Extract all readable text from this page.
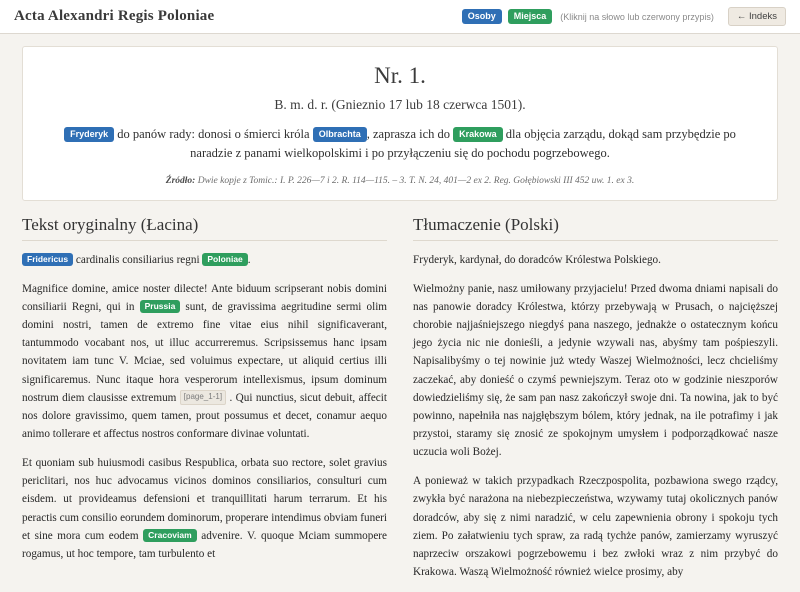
Acta Alexandri Regis Poloniae	Osoby	Miejsca	(Kliknij na słowo lub czerwony przypis)	← Indeks
Nr. 1.
B. m. d. r. (Gnieznio 17 lub 18 czerwca 1501).
Fryderyk do panów rady: donosi o śmierci króla Olbrachta , zaprasza ich do Krakowa dla objęcia zarządu, dokąd sam przybędzie po naradzie z panami wielkopolskimi i po przyłączeniu się do pochodu pogrzebowego.
Źródło: Dwie kopje z Tomic.: I. P. 226—7 i 2. R. 114—115. – 3. T. N. 24, 401—2 ex 2. Reg. Gołębiowski III 452 uw. 1. ex 3.
Tekst oryginalny (Łacina)

Fridericus cardinalis consiliarius regni Poloniae .

Magnifice domine, amice noster dilecte! Ante biduum scripserant nobis domini consiliarii Regni, qui in Prussia sunt, de gravissima aegritudine sermi olim domini nostri, tamen de extremo fine vitae eius nihil significaverant, tantummodo vocabant nos, ut illuc accurreremus. Scripsissemus hanc ipsam novitatem iam tunc V. Mciae, sed voluimus expectare, ut aliquid certius illi significaremus. Nunc itaque hora vesperorum intellexismus, ipsum dominum nostrum diem clausisse extremum [page_1-1] . Qui nunctius, sicut debuit, affecit nos dolore gravissimo, quem tamen, prout possumus et decet, conamur aequo animo tollerare et affectus nostros conformare divinae voluntati.

Et quoniam sub huiusmodi casibus Respublica, orbata suo rectore, solet gravius periclitari, nos huc advocamus vicinos dominos consiliarios, consulturi cum eisdem. ut provideamus defensioni et tranquillitati harum terrarum. Et his peractis cum consilio eorundem dominorum, properare intendimus obviam funeri et sine mora cum eodem Cracoviam advenire. V. quoque Mciam summopere rogamus, ut hoc tempore, tam turbulento et

Tłumaczenie (Polski)

Fryderyk, kardynał, do doradców Królestwa Polskiego.

Wielmożny panie, nasz umiłowany przyjacielu! Przed dwoma dniami napisali do nas panowie doradcy Królestwa, którzy przebywają w Prusach, o najcięższej chorobie najjaśniejszego niegdyś pana naszego, jednakże o ostatecznym końcu jego życia nic nie donieśli, a jedynie wzywali nas, abyśmy tam pośpieszyli. Napisalibyśmy o tej nowinie już wtedy Waszej Wielmożności, lecz chcieliśmy zaczekać, aby donieść o czymś pewniejszym. Teraz oto w godzinie nieszporów dowiedzieliśmy się, że sam pan nasz zakończył swoje dni. Ta nowina, jak to być powinno, napełniła nas najgłębszym bólem, który jednak, na ile potrafimy i jak przystoi, staramy się znosić ze spokojnym umysłem i podporządkować nasze uczucia woli Bożej.

A ponieważ w takich przypadkach Rzeczpospolita, pozbawiona swego rządcy, zwykła być narażona na niebezpieczeństwa, wzywamy tutaj okolicznych panów doradców, aby się z nimi naradzić, w celu zapewnienia obrony i spokoju tych ziem. Po załatwieniu tych spraw, za radą tychże panów, zamierzamy wyruszyć naprzeciw orszakowi pogrzebowemu i bez zwłoki wraz z nim przybyć do Krakowa. Waszą Wielmożność również wielce prosimy, aby
